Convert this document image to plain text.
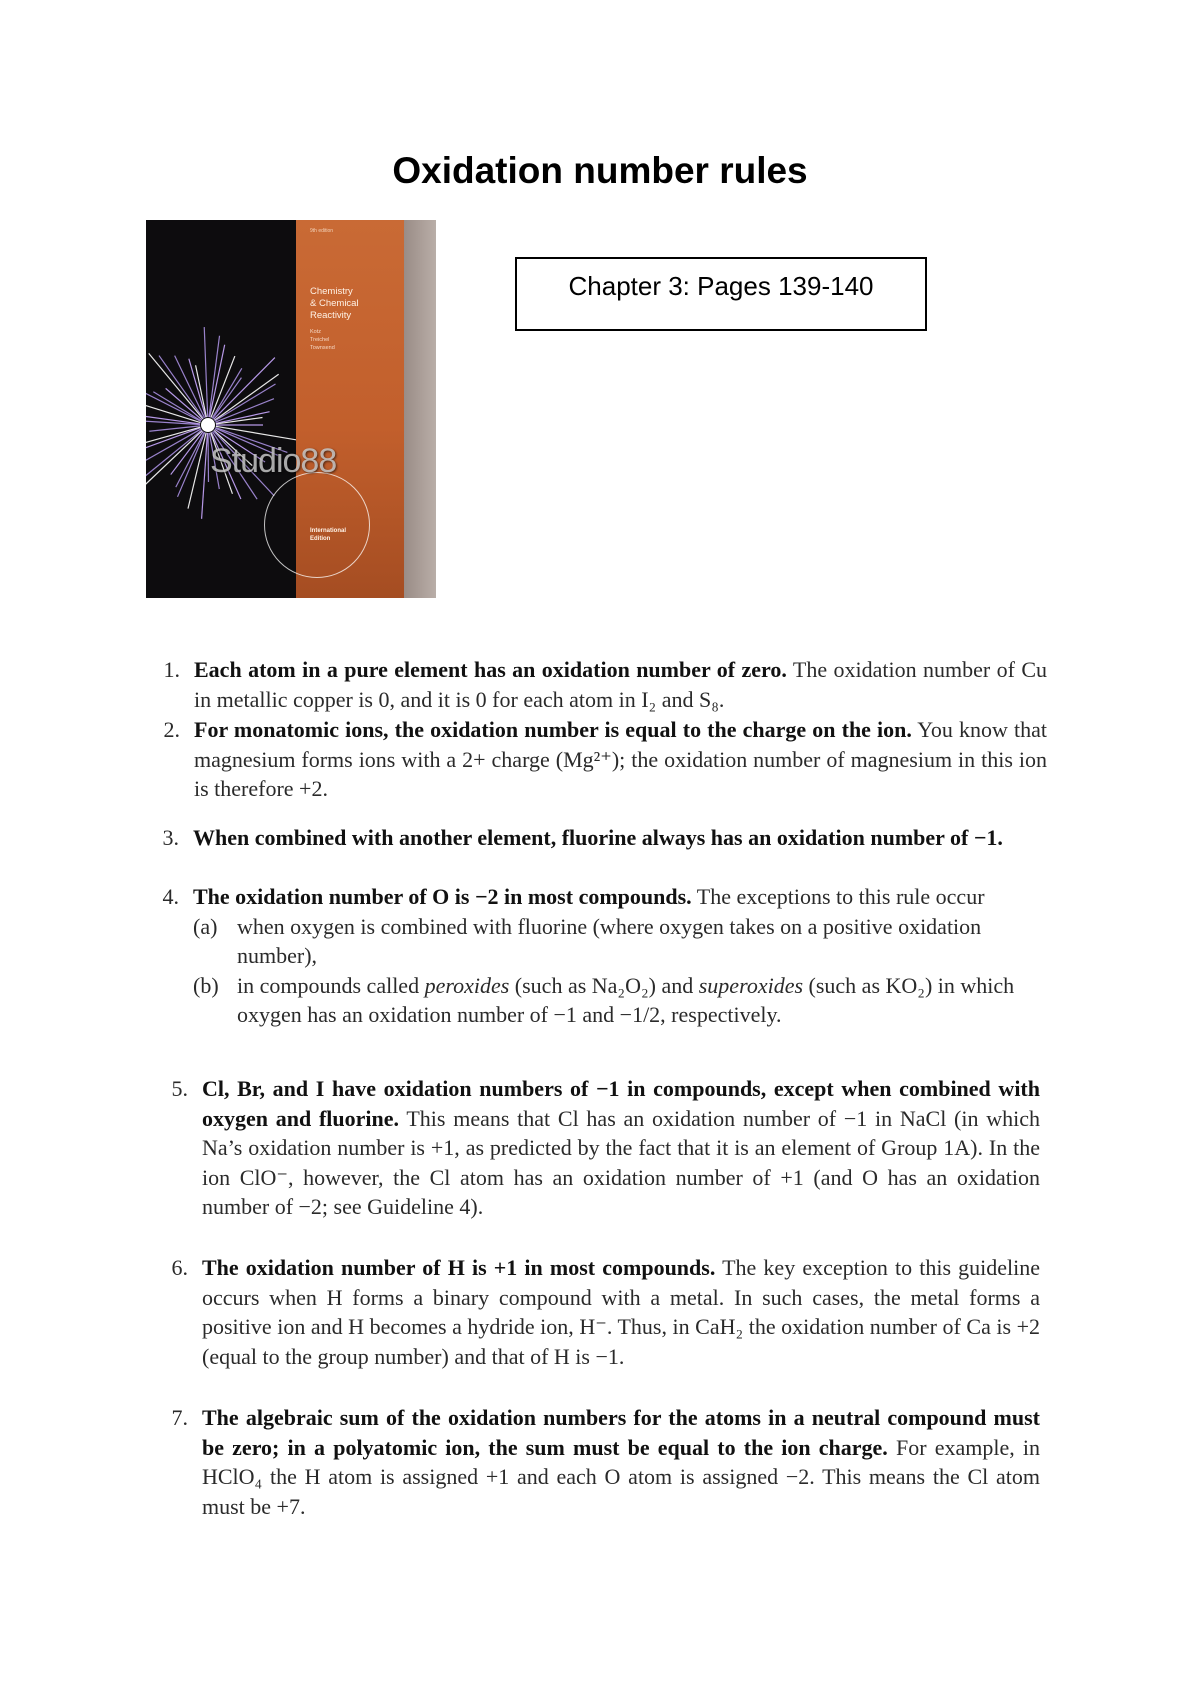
Oxidation number rules
9th edition
Chemistry
& Chemical
Reactivity
Kotz
Treichel
Townsend
International
Edition
Studio88
Chapter 3: Pages 139-140
1 . Each atom in a pure element has an oxidation number of zero. The oxidation number of Cu in metallic copper is 0, and it is 0 for each atom in I₂ and S₈.
2 . For monatomic ions, the oxidation number is equal to the charge on the ion. You know that magnesium forms ions with a 2+ charge (Mg²⁺); the oxidation number of magnesium in this ion is therefore +2.
3 . When combined with another element, fluorine always has an oxidation number of −1.
4 . The oxidation number of O is −2 in most compounds. The exceptions to this rule occur
(a) when oxygen is combined with fluorine (where oxygen takes on a positive oxidation number),
(b) in compounds called peroxides (such as Na₂O₂) and superoxides (such as KO₂) in which oxygen has an oxidation number of −1 and −1/2, respectively.
5 . Cl, Br, and I have oxidation numbers of −1 in compounds, except when combined with oxygen and fluorine. This means that Cl has an oxidation number of −1 in NaCl (in which Na’s oxidation number is +1, as predicted by the fact that it is an element of Group 1A). In the ion ClO⁻, however, the Cl atom has an oxidation number of +1 (and O has an oxidation number of −2; see Guideline 4).
6 . The oxidation number of H is +1 in most compounds. The key exception to this guideline occurs when H forms a binary compound with a metal. In such cases, the metal forms a positive ion and H becomes a hydride ion, H⁻. Thus, in CaH₂ the oxidation number of Ca is +2 (equal to the group number) and that of H is −1.
7 . The algebraic sum of the oxidation numbers for the atoms in a neutral compound must be zero; in a polyatomic ion, the sum must be equal to the ion charge. For example, in HClO₄ the H atom is assigned +1 and each O atom is assigned −2. This means the Cl atom must be +7.
